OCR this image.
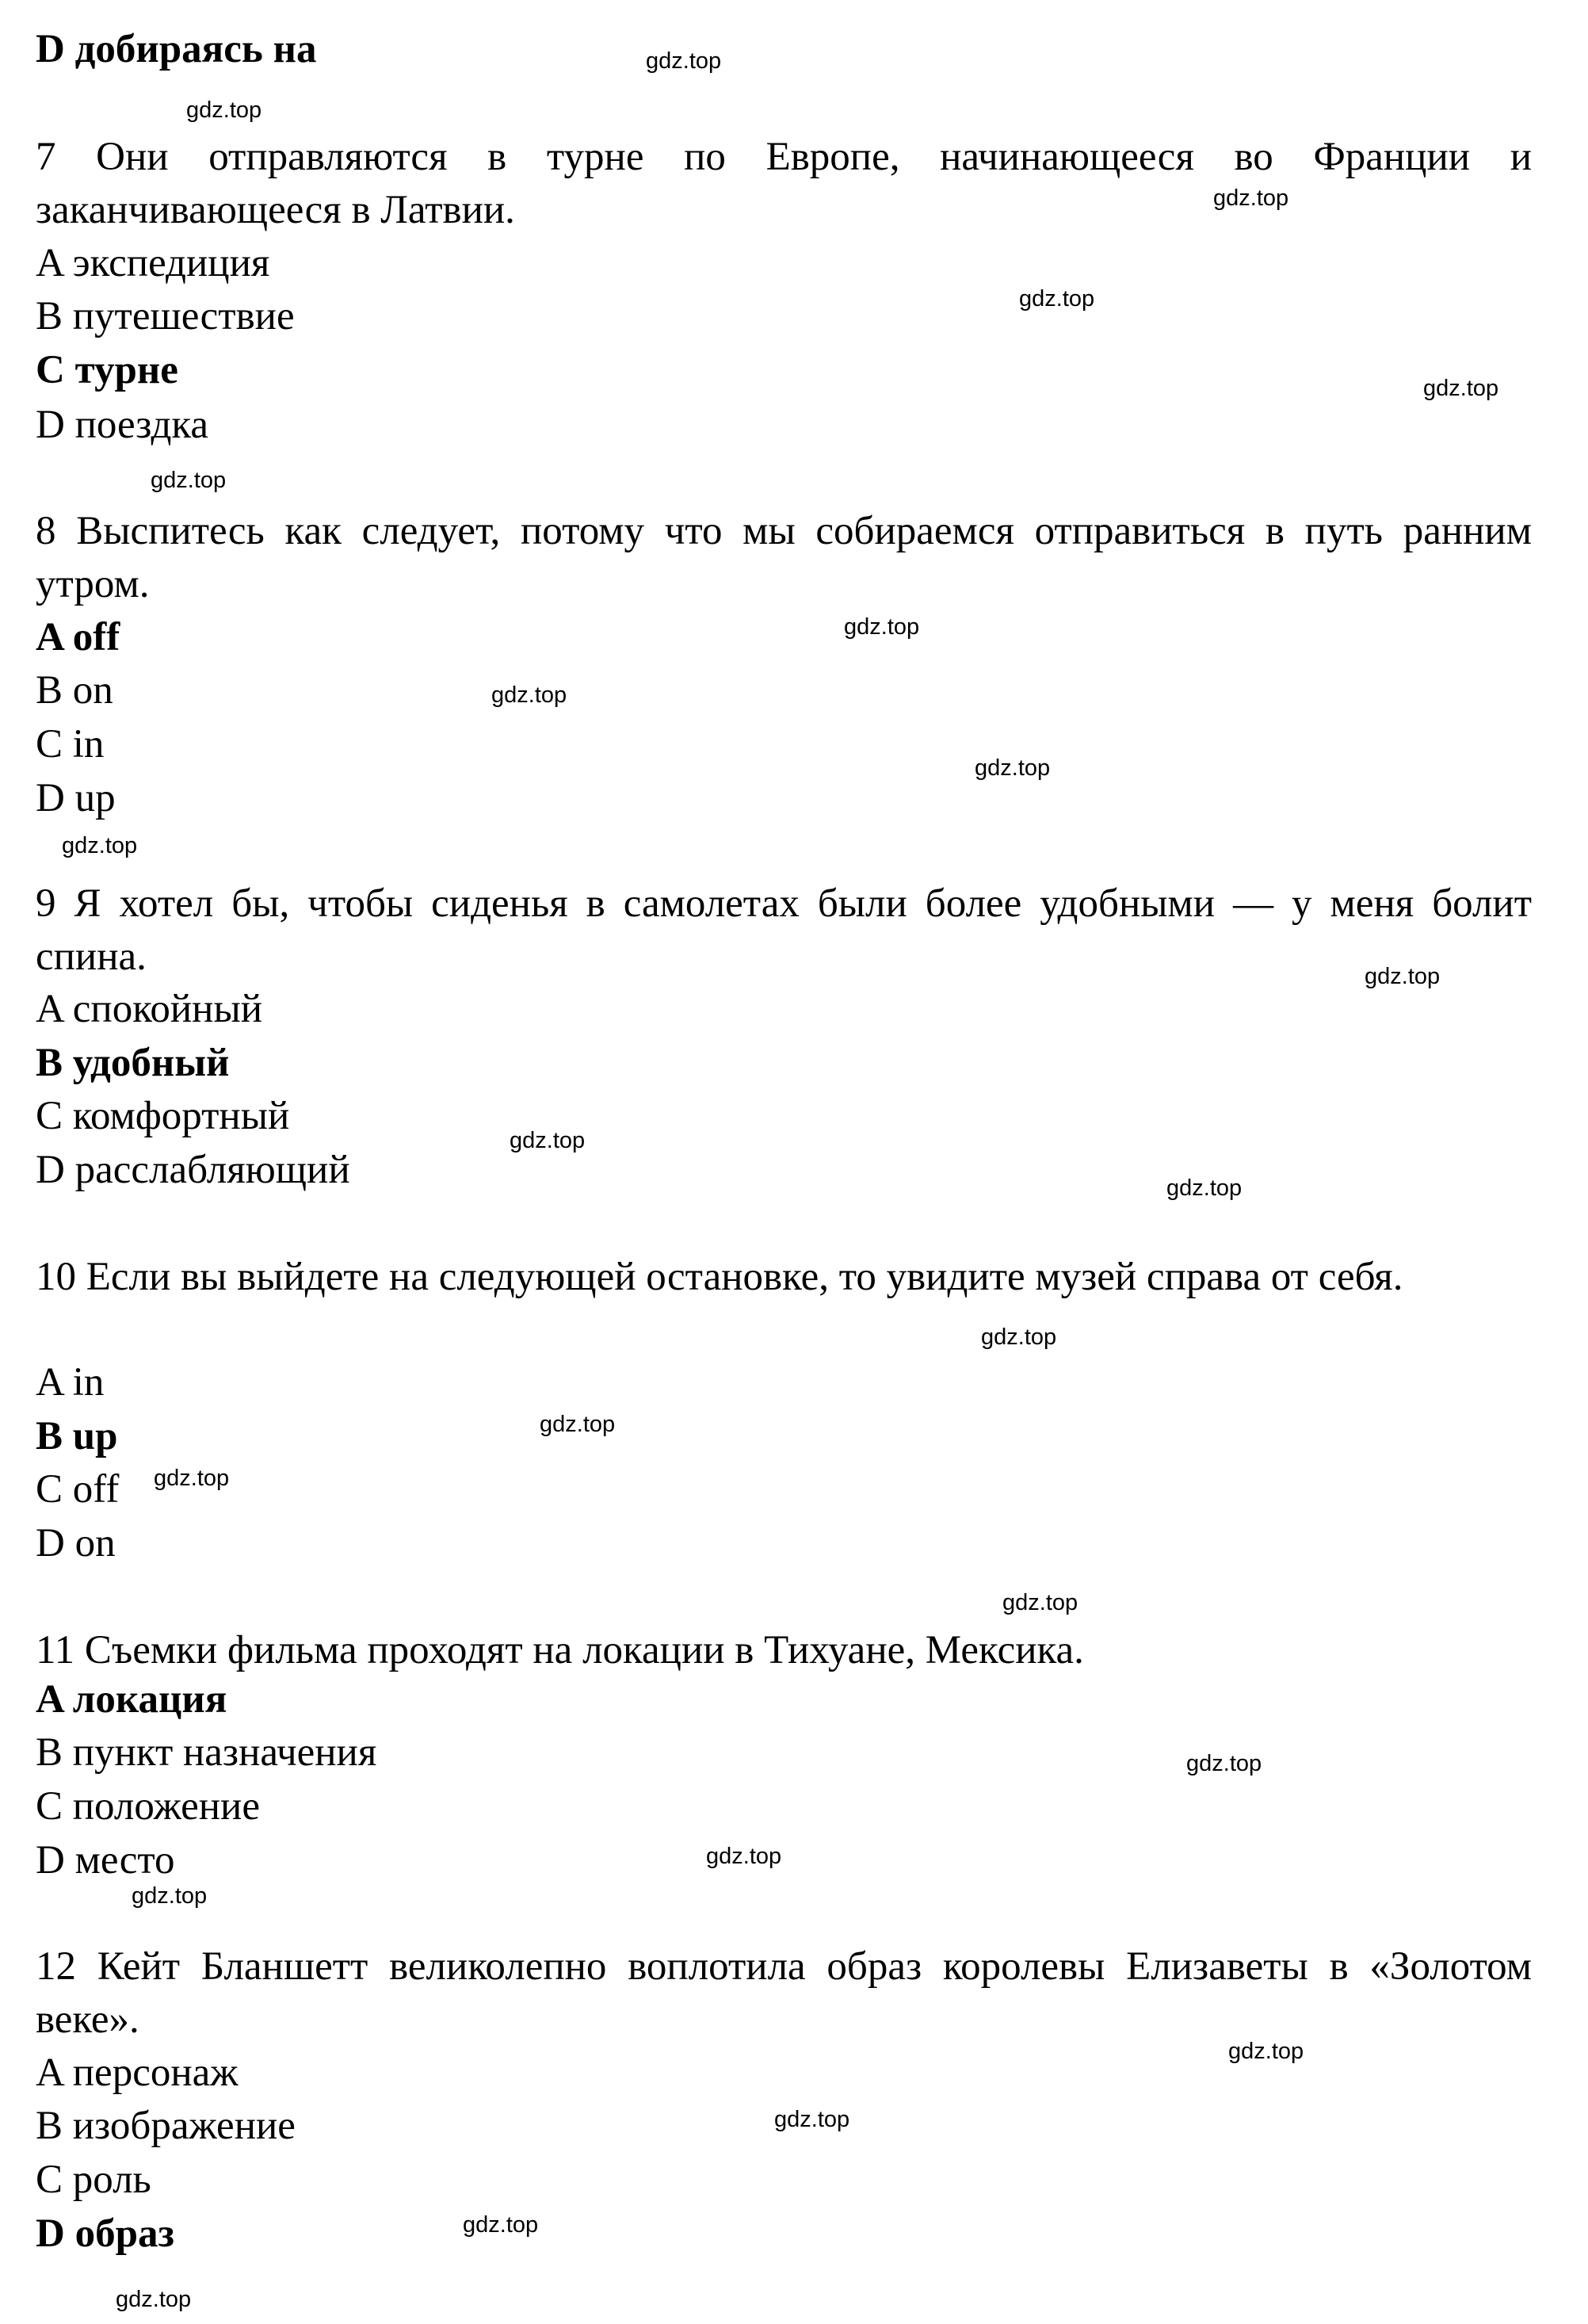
D добираясь на
7 Они отправляются в турне по Европе, начинающееся во Франции и заканчивающееся в Латвии.
A экспедиция
B путешествие
C турне
D поездка
8 Выспитесь как следует, потому что мы собираемся отправиться в путь ранним утром.
A off
B on
C in
D up
9 Я хотел бы, чтобы сиденья в самолетах были более удобными — у меня болит спина.
A спокойный
B удобный
C комфортный
D расслабляющий
10 Если вы выйдете на следующей остановке, то увидите музей справа от себя.
A in
B up
C off
D on
11 Съемки фильма проходят на локации в Тихуане, Мексика.
A локация
B пункт назначения
C положение
D место
12 Кейт Бланшетт великолепно воплотила образ королевы Елизаветы в «Золотом веке».
A персонаж
B изображение
C роль
D образ
gdz.top
gdz.top
gdz.top
gdz.top
gdz.top
gdz.top
gdz.top
gdz.top
gdz.top
gdz.top
gdz.top
gdz.top
gdz.top
gdz.top
gdz.top
gdz.top
gdz.top
gdz.top
gdz.top
gdz.top
gdz.top
gdz.top
gdz.top
gdz.top
